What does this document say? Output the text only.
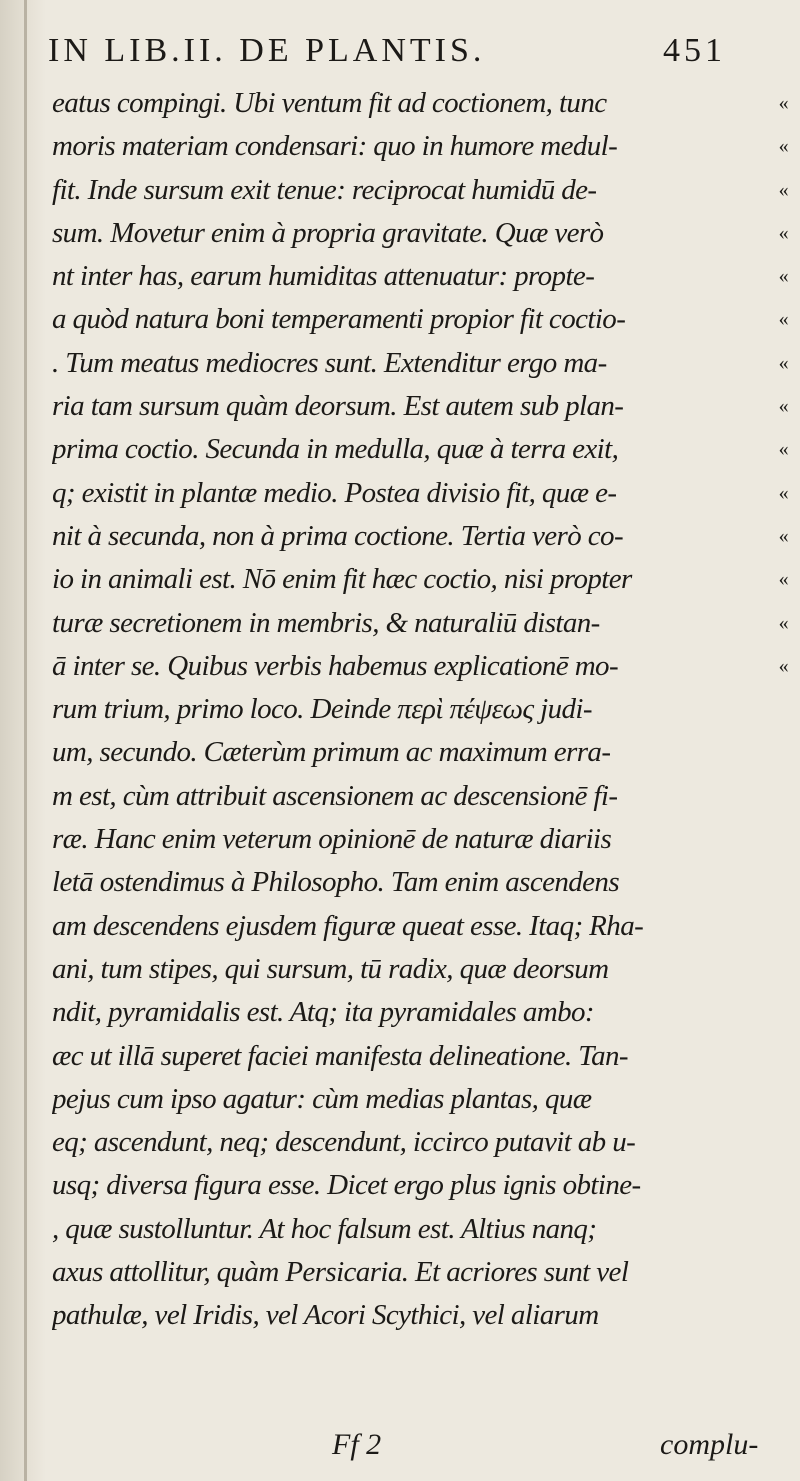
IN LIB.II. DE PLANTIS.	451
eatus compingi. Ubi ventum fit ad coctionem, tunc	«
moris materiam condensari: quo in humore medul-	«
fit. Inde sursum exit tenue: reciprocat humidū de-	«
sum. Movetur enim à propria gravitate. Quæ verò	«
nt inter has, earum humiditas attenuatur: propte-	«
a quòd natura boni temperamenti propior fit coctio-	«
. Tum meatus mediocres sunt. Extenditur ergo ma-	«
ria tam sursum quàm deorsum. Est autem sub plan-	«
prima coctio. Secunda in medulla, quæ à terra exit,	«
q; existit in plantæ medio. Postea divisio fit, quæ e-	«
nit à secunda, non à prima coctione. Tertia verò co-	«
io in animali est. Nō enim fit hæc coctio, nisi propter	«
turæ secretionem in membris, & naturaliū distan-	«
ā inter se. Quibus verbis habemus explicationē mo-	«
rum trium, primo loco. Deinde περὶ πέψεως judi-
um, secundo. Cæterùm primum ac maximum erra-
m est, cùm attribuit ascensionem ac descensionē fi-
ræ. Hanc enim veterum opinionē de naturæ diariis
letā ostendimus à Philosopho. Tam enim ascendens
am descendens ejusdem figuræ queat esse. Itaq; Rha-
ani, tum stipes, qui sursum, tū radix, quæ deorsum
ndit, pyramidalis est. Atq; ita pyramidales ambo:
æc ut illā superet faciei manifesta delineatione. Tan-
pejus cum ipso agatur: cùm medias plantas, quæ
eq; ascendunt, neq; descendunt, iccirco putavit ab u-
usq; diversa figura esse. Dicet ergo plus ignis obtine-
, quæ sustolluntur. At hoc falsum est. Altius nanq;
axus attollitur, quàm Persicaria. Et acriores sunt vel
pathulæ, vel Iridis, vel Acori Scythici, vel aliarum
Ff 2	complu-
